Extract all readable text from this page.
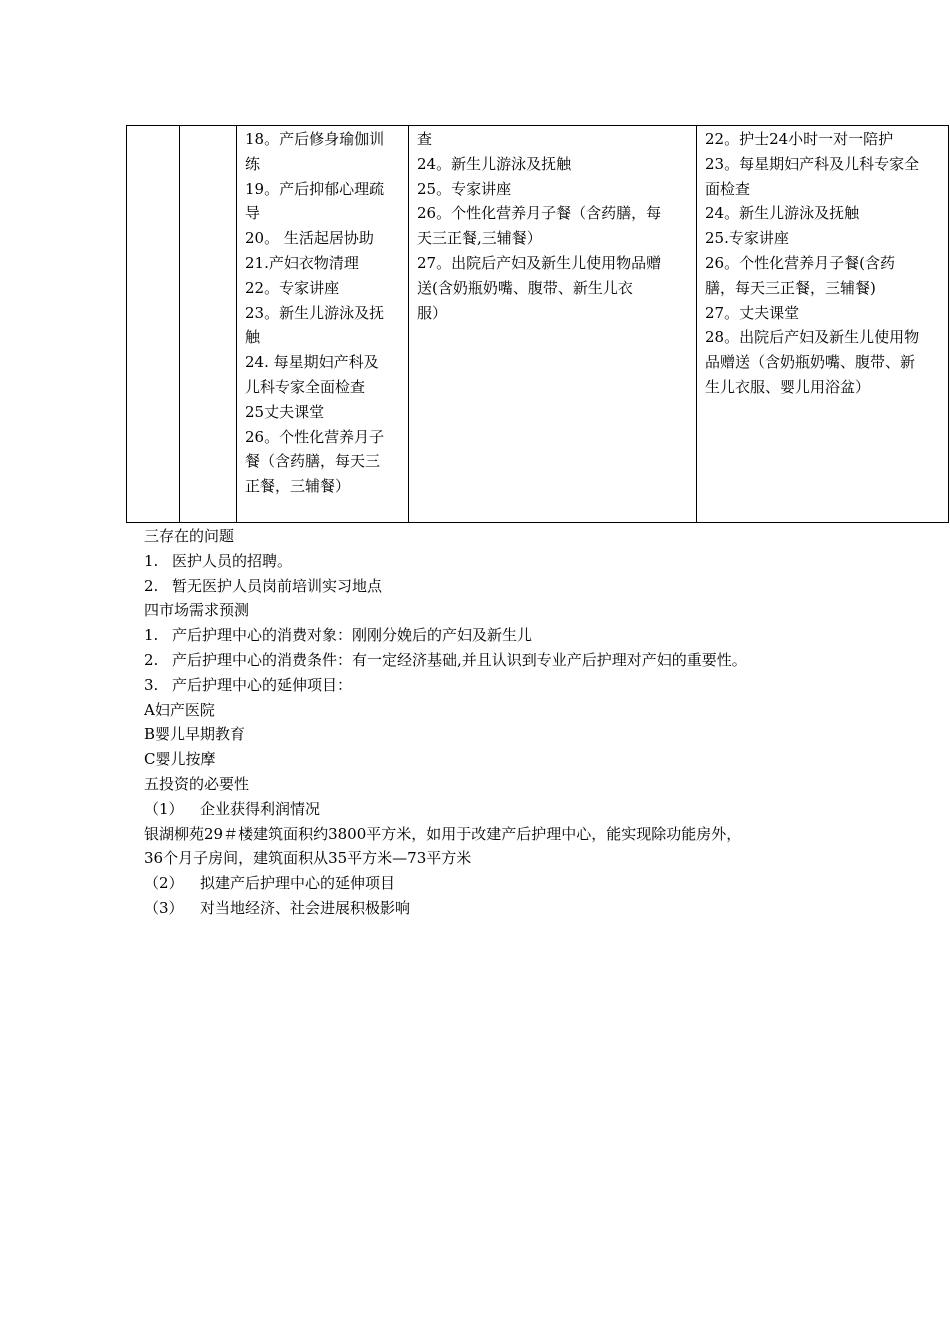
18。产后修身瑜伽训
练
19。产后抑郁心理疏
导
20。 生活起居协助
21.产妇衣物清理
22。专家讲座
23。新生儿游泳及抚
触
24. 每星期妇产科及
儿科专家全面检查
25丈夫课堂
26。个性化营养月子
餐（含药膳，每天三
正餐，三辅餐）

查
24。新生儿游泳及抚触
25。专家讲座
26。个性化营养月子餐（含药膳，每
天三正餐,三辅餐）
27。出院后产妇及新生儿使用物品赠
送(含奶瓶奶嘴、腹带、新生儿衣
服）

22。护士24小时一对一陪护
23。每星期妇产科及儿科专家全
面检查
24。新生儿游泳及抚触
25.专家讲座
26。个性化营养月子餐(含药
膳，每天三正餐，三辅餐)
27。丈夫课堂
28。出院后产妇及新生儿使用物
品赠送（含奶瓶奶嘴、腹带、新
生儿衣服、婴儿用浴盆）
三存在的问题
1. 医护人员的招聘。
2. 暂无医护人员岗前培训实习地点
四市场需求预测
1. 产后护理中心的消费对象：刚刚分娩后的产妇及新生儿
2. 产后护理中心的消费条件：有一定经济基础,并且认识到专业产后护理对产妇的重要性。
3. 产后护理中心的延伸项目：
A妇产医院
B婴儿早期教育
C婴儿按摩
五投资的必要性
（1） 企业获得利润情况
银湖柳苑29＃楼建筑面积约3800平方米，如用于改建产后护理中心，能实现除功能房外，
36个月子房间，建筑面积从35平方米—73平方米
（2） 拟建产后护理中心的延伸项目
（3） 对当地经济、社会进展积极影响
